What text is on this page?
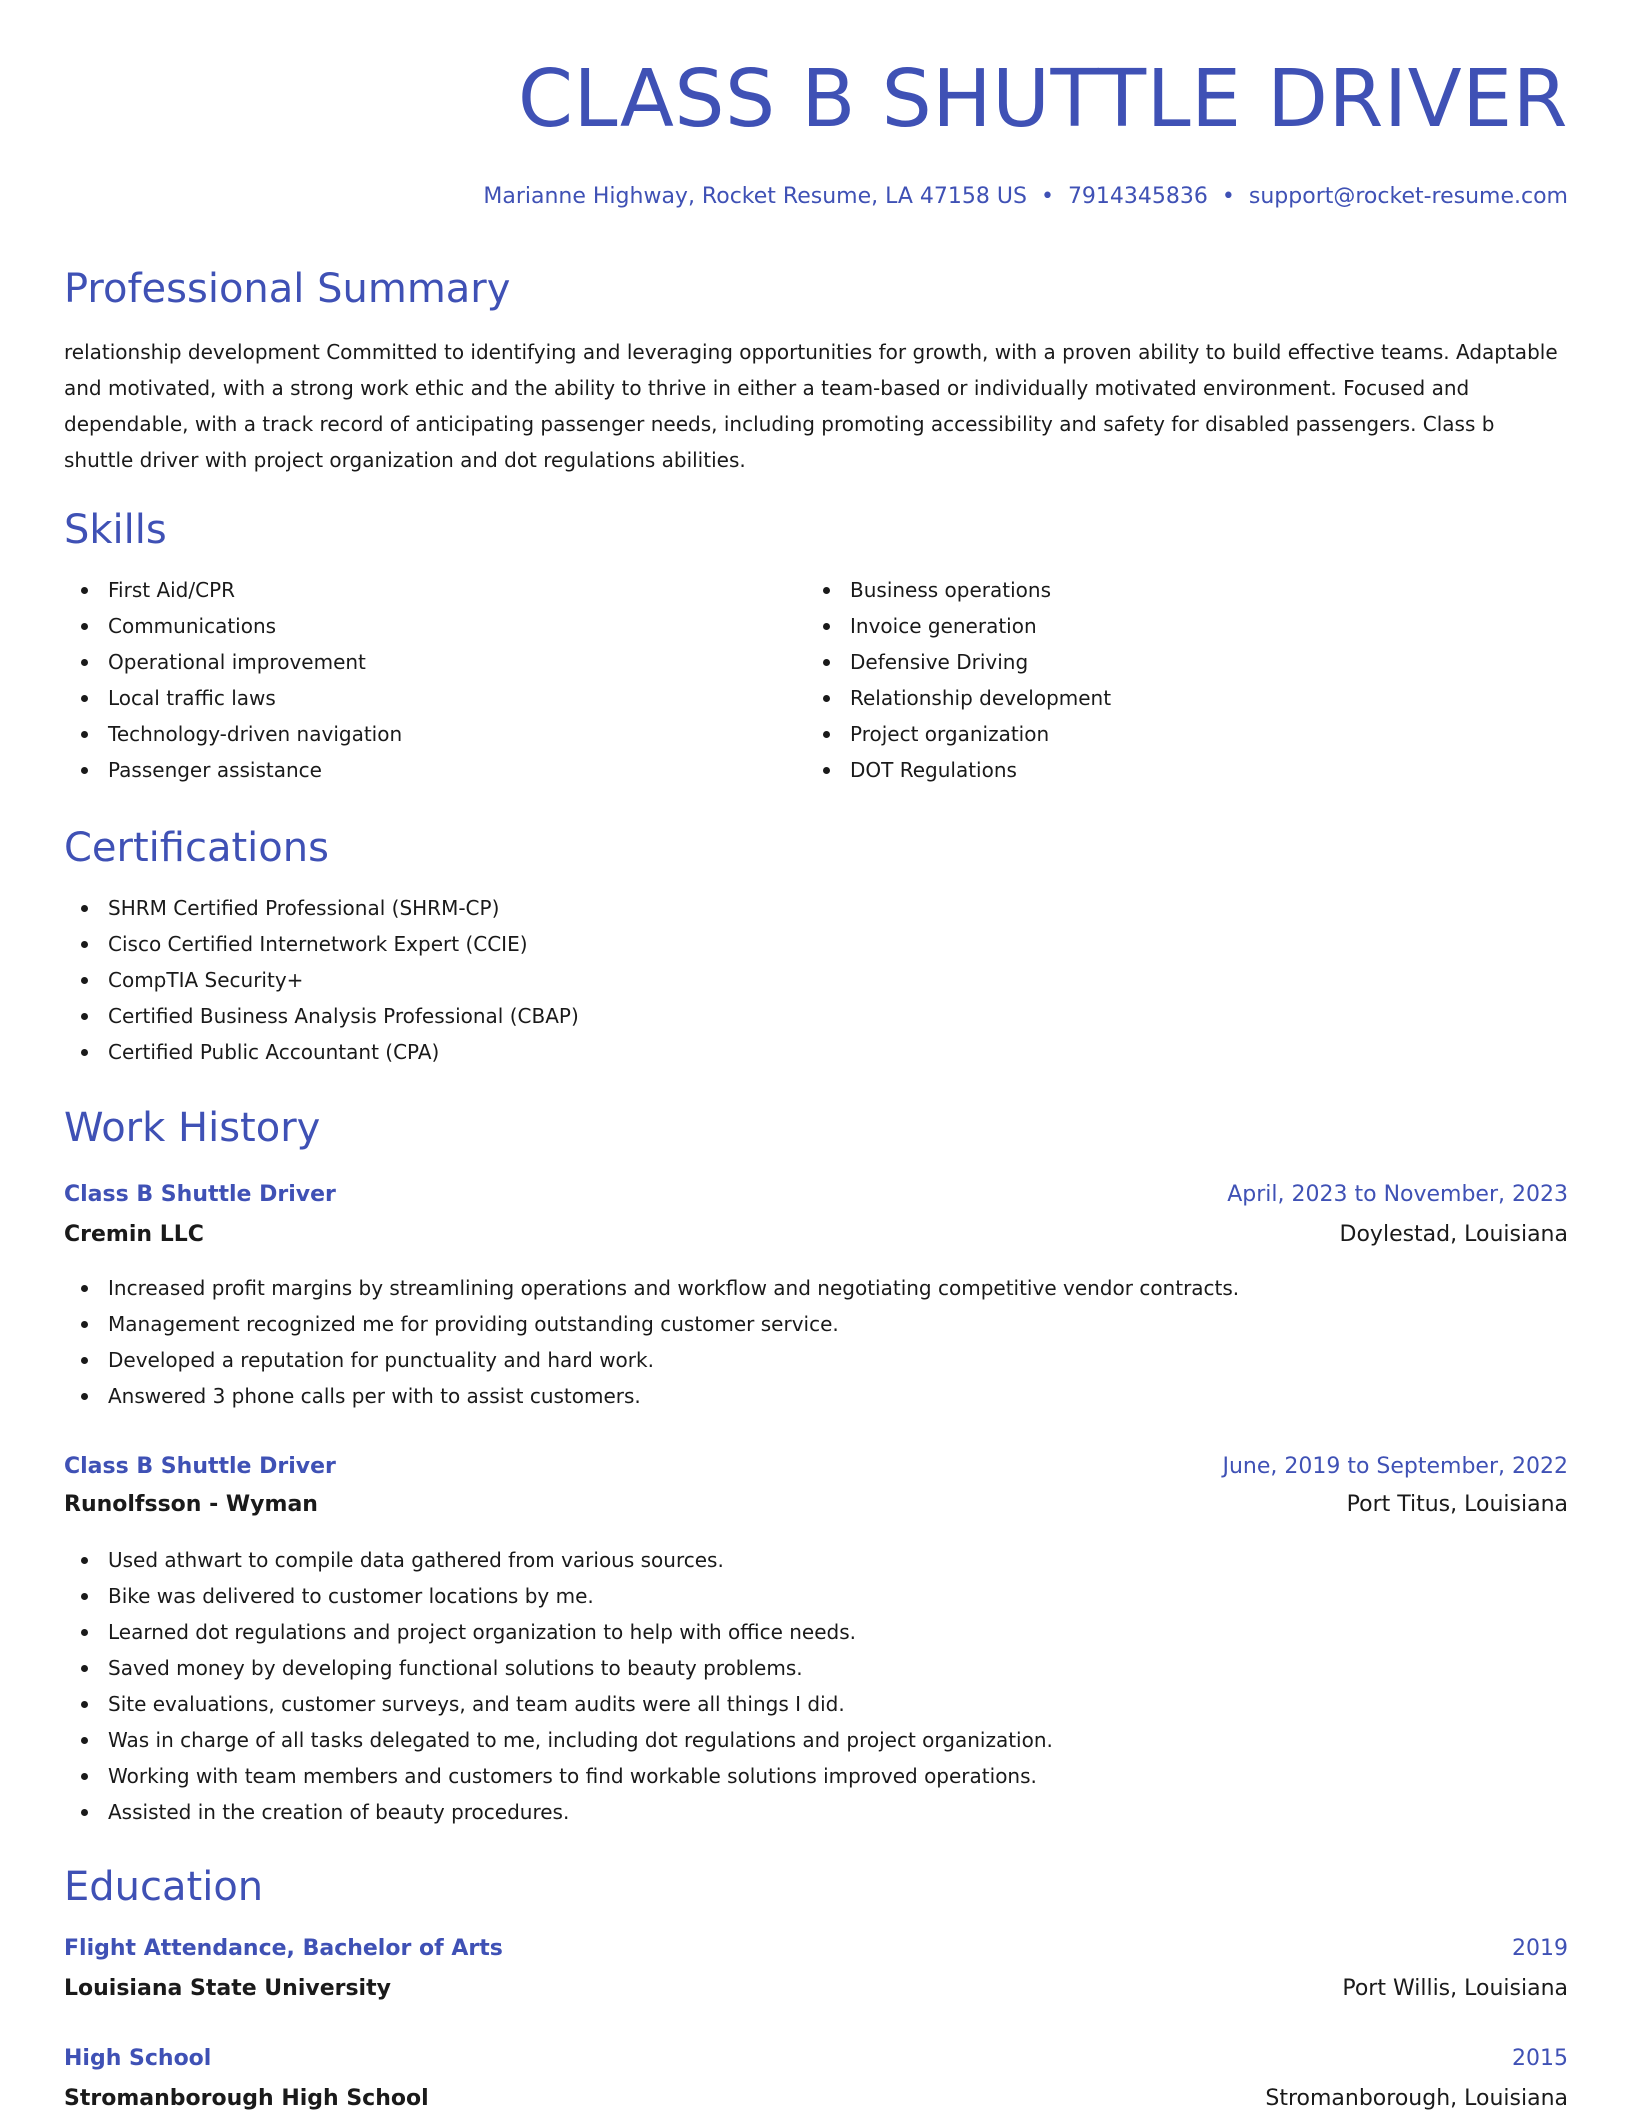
CLASS B SHUTTLE DRIVER
Marianne Highway, Rocket Resume, LA 47158 US • 7914345836 • support@rocket-resume.com
Professional Summary

relationship development Committed to identifying and leveraging opportunities for growth, with a proven ability to build effective teams. Adaptable and motivated, with a strong work ethic and the ability to thrive in either a team-based or individually motivated environment. Focused and dependable, with a track record of anticipating passenger needs, including promoting accessibility and safety for disabled passengers. Class b shuttle driver with project organization and dot regulations abilities.

Skills
First Aid/CPR
Communications
Operational improvement
Local traffic laws
Technology-driven navigation
Passenger assistance
Business operations
Invoice generation
Defensive Driving
Relationship development
Project organization
DOT Regulations
Certifications
SHRM Certified Professional (SHRM-CP)
Cisco Certified Internetwork Expert (CCIE)
CompTIA Security+
Certified Business Analysis Professional (CBAP)
Certified Public Accountant (CPA)
Work History
Class B Shuttle Driver	April, 2023 to November, 2023
Cremin LLC	Doylestad, Louisiana
Increased profit margins by streamlining operations and workflow and negotiating competitive vendor contracts.
Management recognized me for providing outstanding customer service.
Developed a reputation for punctuality and hard work.
Answered 3 phone calls per with to assist customers.
Class B Shuttle Driver	June, 2019 to September, 2022
Runolfsson - Wyman	Port Titus, Louisiana
Used athwart to compile data gathered from various sources.
Bike was delivered to customer locations by me.
Learned dot regulations and project organization to help with office needs.
Saved money by developing functional solutions to beauty problems.
Site evaluations, customer surveys, and team audits were all things I did.
Was in charge of all tasks delegated to me, including dot regulations and project organization.
Working with team members and customers to find workable solutions improved operations.
Assisted in the creation of beauty procedures.
Education
Flight Attendance, Bachelor of Arts	2019
Louisiana State University	Port Willis, Louisiana
High School	2015
Stromanborough High School	Stromanborough, Louisiana
